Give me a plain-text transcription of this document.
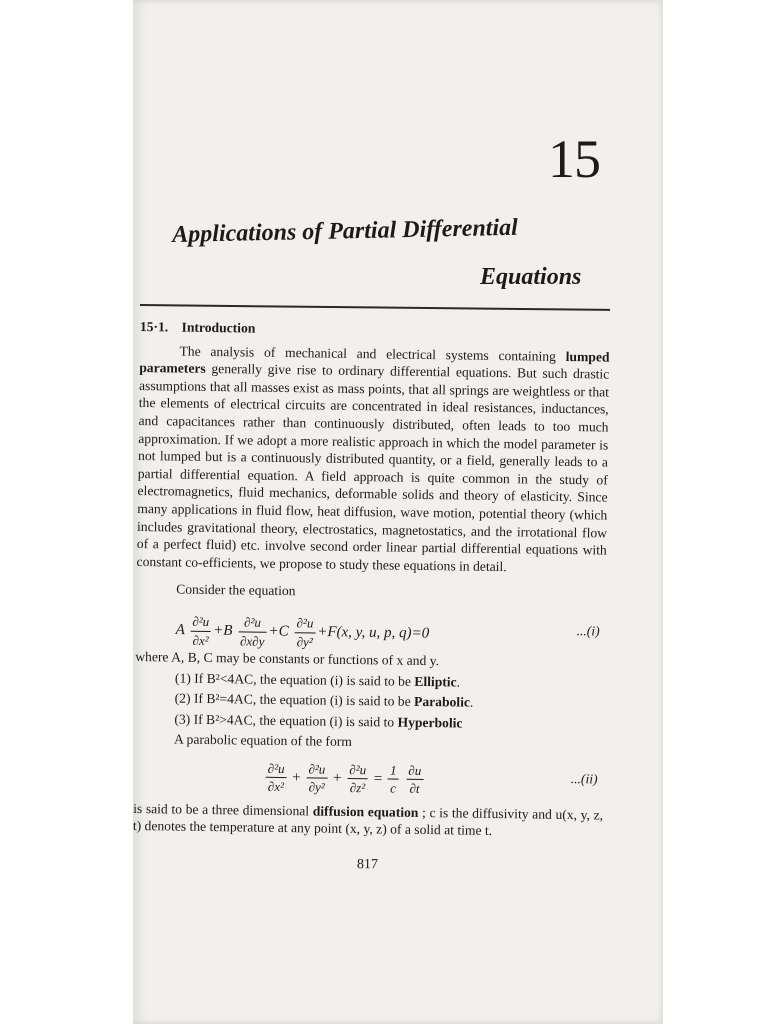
15
Applications of Partial Differential
Equations
15·1. Introduction
The analysis of mechanical and electrical systems containing lumped parameters generally give rise to ordinary differential equations. But such drastic assumptions that all masses exist as mass points, that all springs are weightless or that the elements of electrical circuits are concentrated in ideal resistances, inductances, and capacitances rather than continuously distributed, often leads to too much approximation. If we adopt a more realistic approach in which the model parameter is not lumped but is a continuously distributed quantity, or a field, generally leads to a partial differential equation. A field approach is quite common in the study of electromagnetics, fluid mechanics, deformable solids and theory of elasticity. Since many applications in fluid flow, heat diffusion, wave motion, potential theory (which includes gravitational theory, electrostatics, magnetostatics, and the irrotational flow of a perfect fluid) etc. involve second order linear partial differential equations with constant co-efficients, we propose to study these equations in detail.
Consider the equation
A $\frac{\text{∂²u}}{\text{∂x²}} +B \frac{\text{∂²u}}{\partial x\partial y} +C \frac{\text{∂²u}}{\text{∂y²}} +F(x$, y, u, p, q)=0	...(i)
where A, B, C may be constants or functions of x and y.
(1) If B²<4AC, the equation (i) is said to be Elliptic.
(2) If B²=4AC, the equation (i) is said to be Parabolic.
(3) If B²>4AC, the equation (i) is said to Hyperbolic
A parabolic equation of the form
$\frac{\text{∂²u}}{\text{∂x²}} + \frac{\text{∂²u}}{\text{∂y²}} + \frac{\text{∂²u}}{\text{∂z²}} = \frac{1}{c}$
$\frac{\partial u}{\partial t}$	...(ii)
is said to be a three dimensional diffusion equation ; c is the diffusivity and u(x, y, z, t) denotes the temperature at any point (x, y, z) of a solid at time t.
817
